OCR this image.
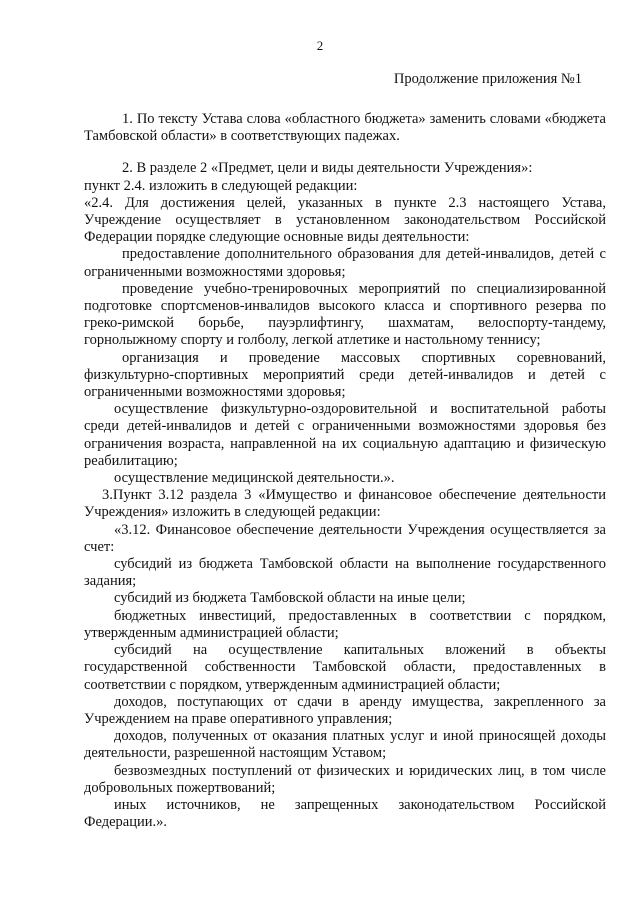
2
Продолжение приложения №1

1. По тексту Устава слова «областного бюджета» заменить словами «бюджета Тамбовской области» в соответствующих падежах.

2. В разделе 2 «Предмет, цели и виды деятельности Учреждения»:

пункт 2.4. изложить в следующей редакции:

«2.4. Для достижения целей, указанных в пункте 2.3 настоящего Устава, Учреждение осуществляет в установленном законодательством Российской Федерации порядке следующие основные виды деятельности:

предоставление дополнительного образования для детей-инвалидов, детей с ограниченными возможностями здоровья;

проведение учебно-тренировочных мероприятий по специализированной подготовке спортсменов-инвалидов высокого класса и спортивного резерва по греко-римской борьбе, пауэрлифтингу, шахматам, велоспорту-тандему, горнолыжному спорту и голболу, легкой атлетике и настольному теннису;

организация и проведение массовых спортивных соревнований, физкультурно-спортивных мероприятий среди детей-инвалидов и детей с ограниченными возможностями здоровья;

осуществление физкультурно-оздоровительной и воспитательной работы среди детей-инвалидов и детей с ограниченными возможностями здоровья без ограничения возраста, направленной на их социальную адаптацию и физическую реабилитацию;

осуществление медицинской деятельности.».

3.Пункт 3.12 раздела 3 «Имущество и финансовое обеспечение деятельности Учреждения» изложить в следующей редакции:

«3.12. Финансовое обеспечение деятельности Учреждения осуществляется за счет:

субсидий из бюджета Тамбовской области на выполнение государственного задания;

субсидий из бюджета Тамбовской области на иные цели;

бюджетных инвестиций, предоставленных в соответствии с порядком, утвержденным администрацией области;

субсидий на осуществление капитальных вложений в объекты государственной собственности Тамбовской области, предоставленных в соответствии с порядком, утвержденным администрацией области;

доходов, поступающих от сдачи в аренду имущества, закрепленного за Учреждением на праве оперативного управления;

доходов, полученных от оказания платных услуг и иной приносящей доходы деятельности, разрешенной настоящим Уставом;

безвозмездных поступлений от физических и юридических лиц, в том числе добровольных пожертвований;

иных источников, не запрещенных законодательством Российской Федерации.».
